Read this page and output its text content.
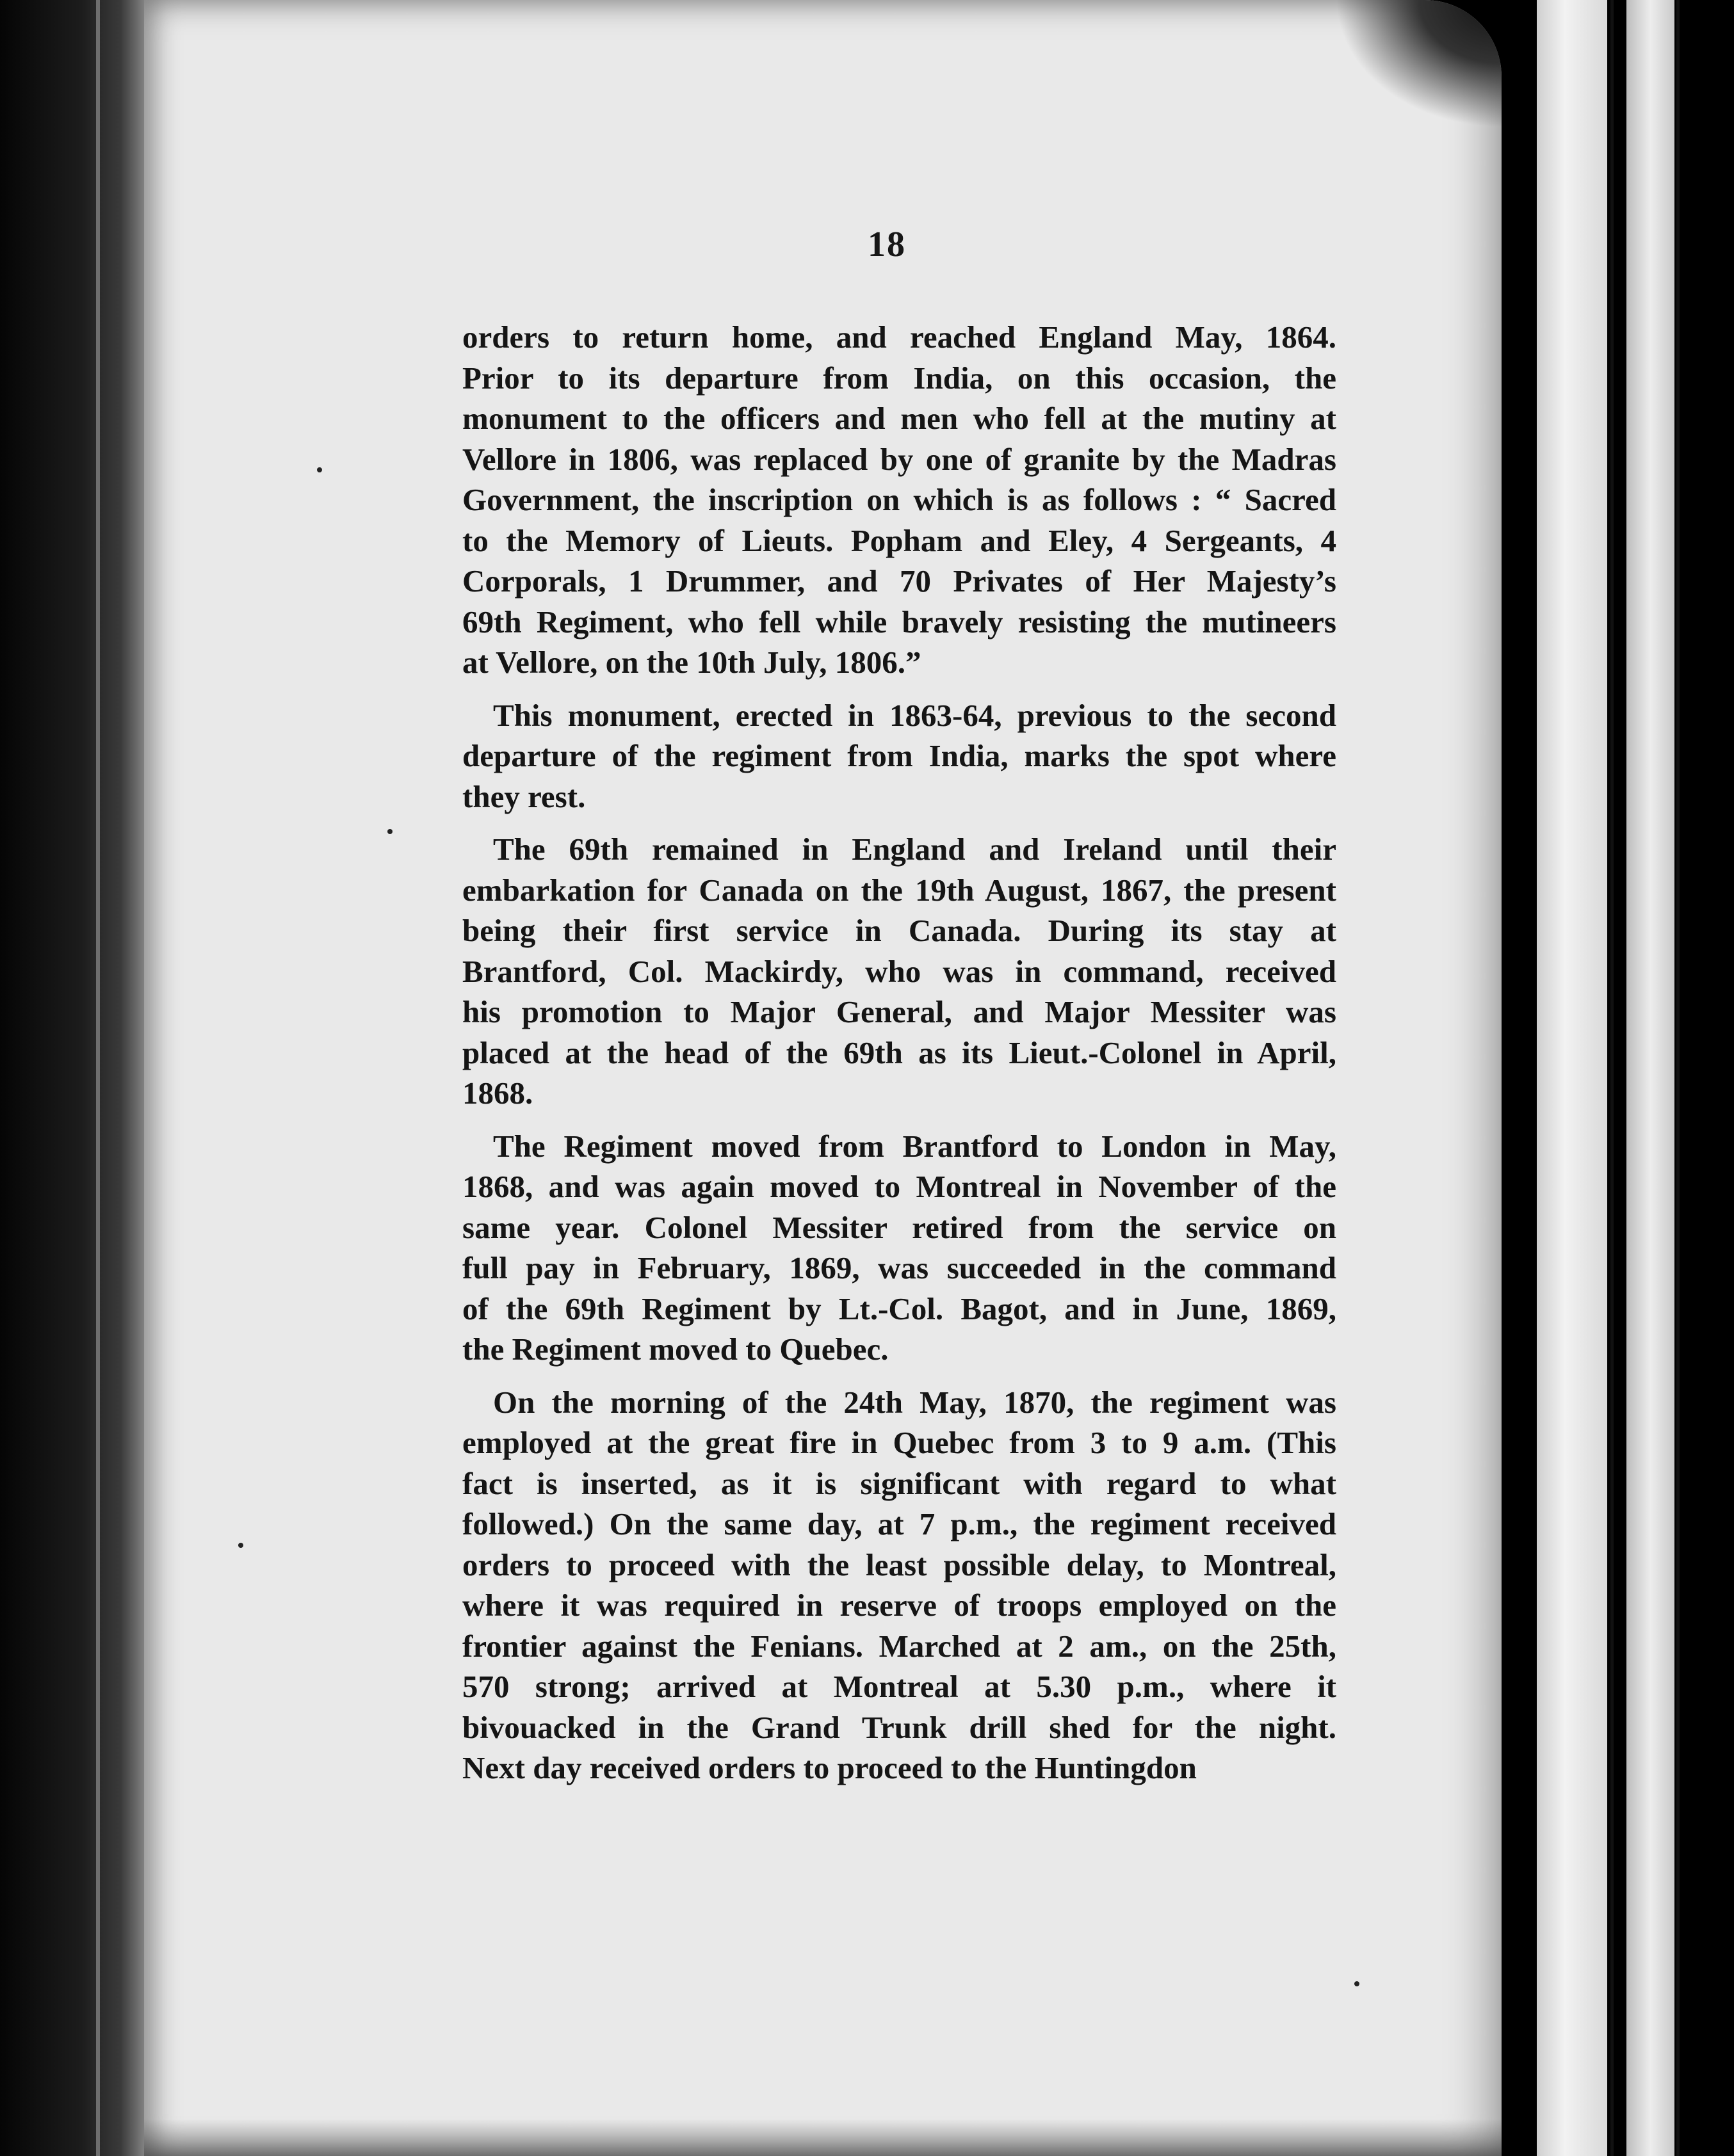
18
orders to return home, and reached England May, 1864.
Prior to its departure from India, on this occasion, the
monument to the officers and men who fell at the mutiny at
Vellore in 1806, was replaced by one of granite by the Madras
Government, the inscription on which is as follows : “ Sacred
to the Memory of Lieuts. Popham and Eley, 4 Sergeants, 4
Corporals, 1 Drummer, and 70 Privates of Her Majesty’s
69th Regiment, who fell while bravely resisting the mutineers
at Vellore, on the 10th July, 1806.”
This monument, erected in 1863-64, previous to the second
departure of the regiment from India, marks the spot where
they rest.
The 69th remained in England and Ireland until their
embarkation for Canada on the 19th August, 1867, the present
being their first service in Canada. During its stay at
Brantford, Col. Mackirdy, who was in command, received
his promotion to Major General, and Major Messiter was
placed at the head of the 69th as its Lieut.-Colonel in April,
1868.
The Regiment moved from Brantford to London in May,
1868, and was again moved to Montreal in November of the
same year. Colonel Messiter retired from the service on
full pay in February, 1869, was succeeded in the command
of the 69th Regiment by Lt.-Col. Bagot, and in June, 1869,
the Regiment moved to Quebec.
On the morning of the 24th May, 1870, the regiment was
employed at the great fire in Quebec from 3 to 9 a.m. (This
fact is inserted, as it is significant with regard to what
followed.) On the same day, at 7 p.m., the regiment received
orders to proceed with the least possible delay, to Montreal,
where it was required in reserve of troops employed on the
frontier against the Fenians. Marched at 2 am., on the 25th,
570 strong; arrived at Montreal at 5.30 p.m., where it
bivouacked in the Grand Trunk drill shed for the night.
Next day received orders to proceed to the Huntingdon
